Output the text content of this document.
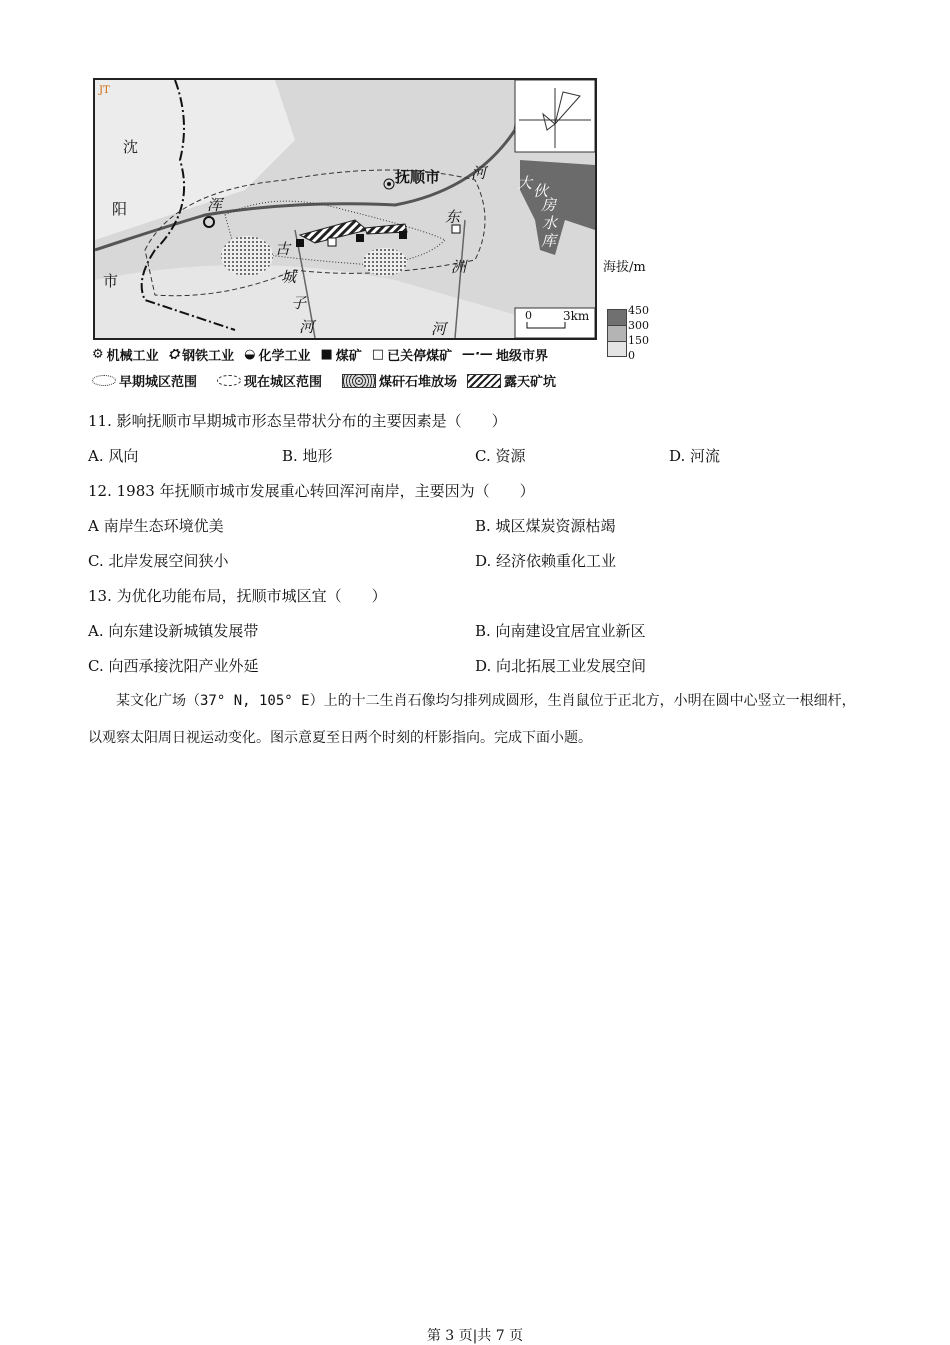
JT
沈
阳
市
浑
河
抚顺市
东
洲
河
古
城
子
河
大 伙
房
水
库
0	3km
海拔/m
450
300
150
0
⚙ 机械工业 ⛭ 钢铁工业 ◒ 化学工业 ■ 煤矿 □ 已关停煤矿 —·— 地级市界
早期城区范围	现在城区范围	煤矸石堆放场	露天矿坑
11. 影响抚顺市早期城市形态呈带状分布的主要因素是（　　）
A. 风向	B. 地形	C. 资源	D. 河流
12. 1983 年抚顺市城市发展重心转回浑河南岸，主要因为（　　）
A 南岸生态环境优美	B. 城区煤炭资源枯竭
C. 北岸发展空间狭小	D. 经济依赖重化工业
13. 为优化功能布局，抚顺市城区宜（　　）
A. 向东建设新城镇发展带	B. 向南建设宜居宜业新区
C. 向西承接沈阳产业外延	D. 向北拓展工业发展空间
某文化广场（37° N, 105° E）上的十二生肖石像均匀排列成圆形，生肖鼠位于正北方，小明在圆中心竖立一根细杆，以观察太阳周日视运动变化。图示意夏至日两个时刻的杆影指向。完成下面小题。
第 3 页|共 7 页
